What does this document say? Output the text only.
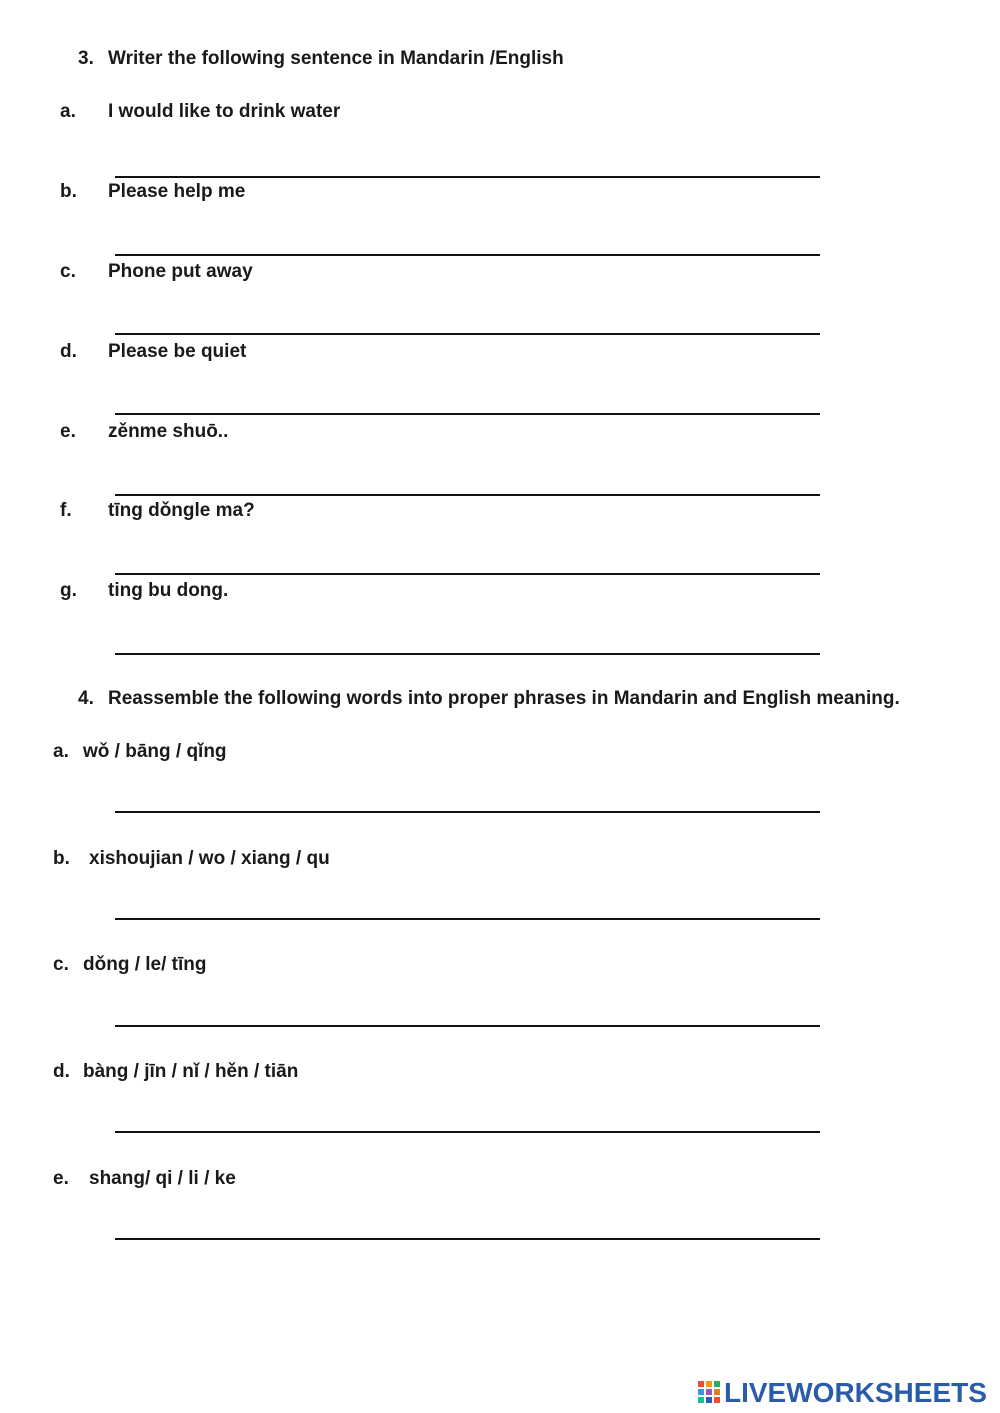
3. Writer the following sentence in Mandarin /English
a. I would like to drink water
b. Please help me
c. Phone put away
d. Please be quiet
e. zěnme shuō..
f. tīng dǒngle ma?
g. ting bu dong.
4. Reassemble the following words into proper phrases in Mandarin and English meaning.
a. wǒ / bāng / qǐng
b. xishoujian / wo / xiang / qu
c. dǒng / le/ tīng
d. bàng / jīn / nǐ / hěn / tiān
e. shang/ qi / li / ke
LIVEWORKSHEETS
